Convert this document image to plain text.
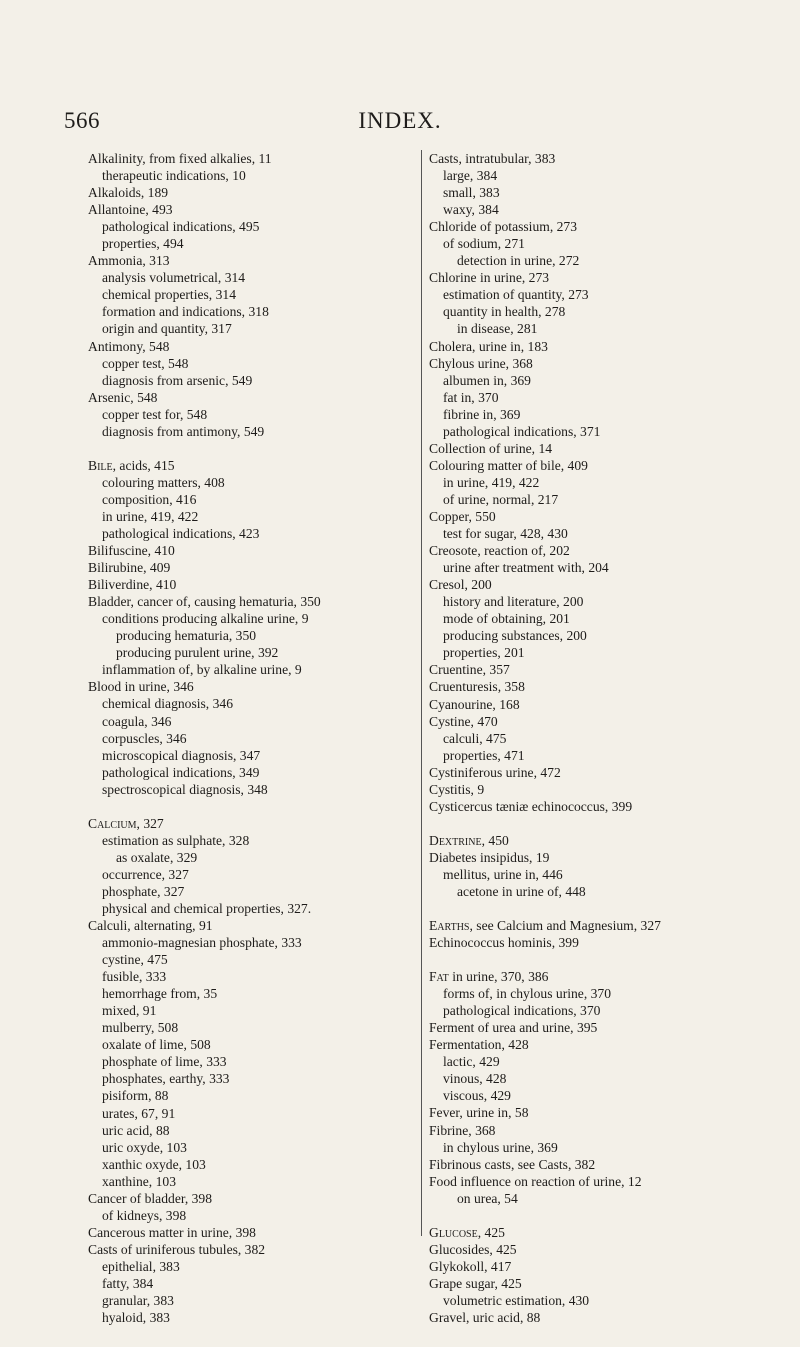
566	INDEX.
Alkalinity, from fixed alkalies, 11
therapeutic indications, 10
Alkaloids, 189
Allantoine, 493
pathological indications, 495
properties, 494
Ammonia, 313
analysis volumetrical, 314
chemical properties, 314
formation and indications, 318
origin and quantity, 317
Antimony, 548
copper test, 548
diagnosis from arsenic, 549
Arsenic, 548
copper test for, 548
diagnosis from antimony, 549
Bile, acids, 415
colouring matters, 408
composition, 416
in urine, 419, 422
pathological indications, 423
Bilifuscine, 410
Bilirubine, 409
Biliverdine, 410
Bladder, cancer of, causing hematuria, 350
conditions producing alkaline urine, 9
producing hematuria, 350
producing purulent urine, 392
inflammation of, by alkaline urine, 9
Blood in urine, 346
chemical diagnosis, 346
coagula, 346
corpuscles, 346
microscopical diagnosis, 347
pathological indications, 349
spectroscopical diagnosis, 348
Calcium, 327
estimation as sulphate, 328
as oxalate, 329
occurrence, 327
phosphate, 327
physical and chemical properties, 327.
Calculi, alternating, 91
ammonio-magnesian phosphate, 333
cystine, 475
fusible, 333
hemorrhage from, 35
mixed, 91
mulberry, 508
oxalate of lime, 508
phosphate of lime, 333
phosphates, earthy, 333
pisiform, 88
urates, 67, 91
uric acid, 88
uric oxyde, 103
xanthic oxyde, 103
xanthine, 103
Cancer of bladder, 398
of kidneys, 398
Cancerous matter in urine, 398
Casts of uriniferous tubules, 382
epithelial, 383
fatty, 384
granular, 383
hyaloid, 383
Casts, intratubular, 383
large, 384
small, 383
waxy, 384
Chloride of potassium, 273
of sodium, 271
detection in urine, 272
Chlorine in urine, 273
estimation of quantity, 273
quantity in health, 278
in disease, 281
Cholera, urine in, 183
Chylous urine, 368
albumen in, 369
fat in, 370
fibrine in, 369
pathological indications, 371
Collection of urine, 14
Colouring matter of bile, 409
in urine, 419, 422
of urine, normal, 217
Copper, 550
test for sugar, 428, 430
Creosote, reaction of, 202
urine after treatment with, 204
Cresol, 200
history and literature, 200
mode of obtaining, 201
producing substances, 200
properties, 201
Cruentine, 357
Cruenturesis, 358
Cyanourine, 168
Cystine, 470
calculi, 475
properties, 471
Cystiniferous urine, 472
Cystitis, 9
Cysticercus tæniæ echinococcus, 399
Dextrine, 450
Diabetes insipidus, 19
mellitus, urine in, 446
acetone in urine of, 448
Earths, see Calcium and Magnesium, 327
Echinococcus hominis, 399
Fat in urine, 370, 386
forms of, in chylous urine, 370
pathological indications, 370
Ferment of urea and urine, 395
Fermentation, 428
lactic, 429
vinous, 428
viscous, 429
Fever, urine in, 58
Fibrine, 368
in chylous urine, 369
Fibrinous casts, see Casts, 382
Food influence on reaction of urine, 12
on urea, 54
Glucose, 425
Glucosides, 425
Glykokoll, 417
Grape sugar, 425
volumetric estimation, 430
Gravel, uric acid, 88
